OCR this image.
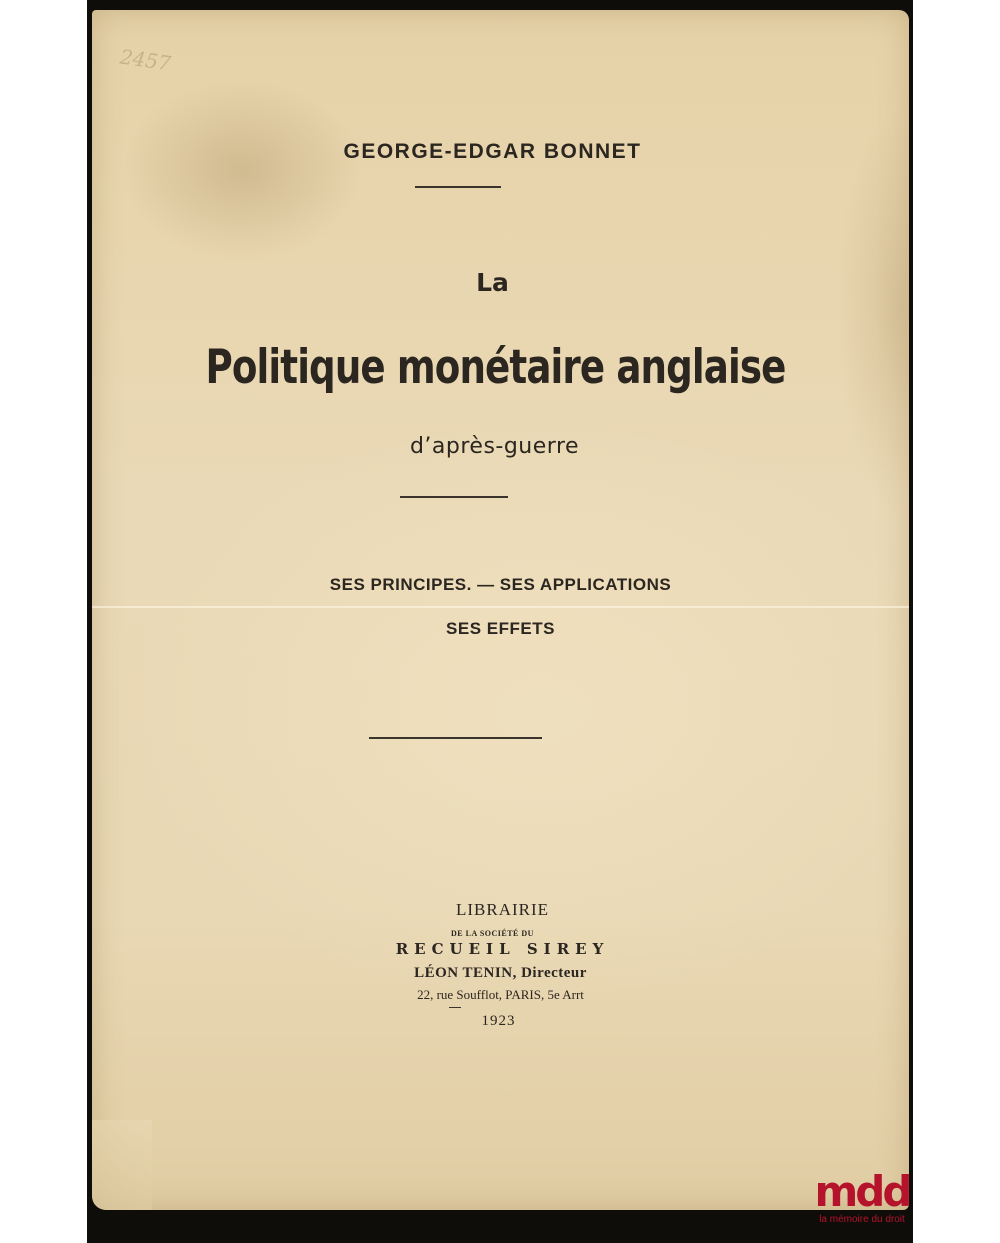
2457

GEORGE-EDGAR BONNET

La

Politique monétaire anglaise

d’après-guerre

SES PRINCIPES. — SES APPLICATIONS

SES EFFETS

LIBRAIRIE

DE LA SOCIÉTÉ DU

RECUEIL SIREY

LÉON TENIN, Directeur

22, rue Soufflot, PARIS, 5e Arrt

1923

mdd
la mémoire du droit
